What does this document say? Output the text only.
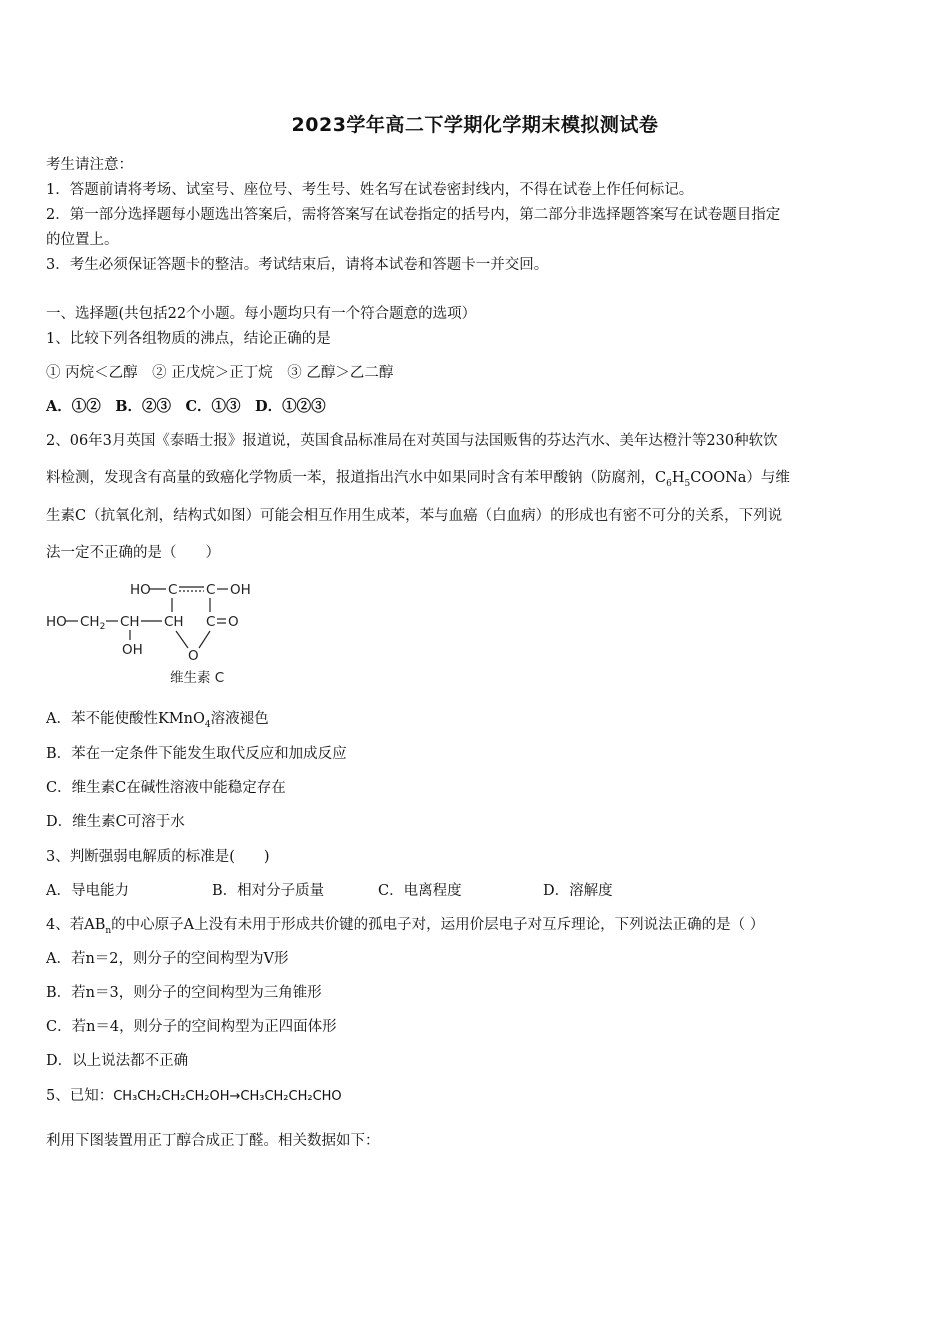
2023学年高二下学期化学期末模拟测试卷
考生请注意：
1．答题前请将考场、试室号、座位号、考生号、姓名写在试卷密封线内，不得在试卷上作任何标记。
2．第一部分选择题每小题选出答案后，需将答案写在试卷指定的括号内，第二部分非选择题答案写在试卷题目指定
的位置上。
3．考生必须保证答题卡的整洁。考试结束后，请将本试卷和答题卡一并交回。
一、选择题(共包括22个小题。每小题均只有一个符合题意的选项）
1、比较下列各组物质的沸点，结论正确的是
① 丙烷＜乙醇　② 正戊烷＞正丁烷　③ 乙醇＞乙二醇
A．①②　B．②③　C．①③　D．①②③
2、06年3月英国《泰晤士报》报道说，英国食品标准局在对英国与法国贩售的芬达汽水、美年达橙汁等230种软饮
料检测，发现含有高量的致癌化学物质一苯，报道指出汽水中如果同时含有苯甲酸钠（防腐剂，$C_6H_5COONa$）与维
生素C（抗氧化剂，结构式如图）可能会相互作用生成苯，苯与血癌（白血病）的形成也有密不可分的关系，下列说
法一定不正确的是（　　）
HO C C OH
HO $CH_2$ CH CH C O
OH	O
维生素 C
A．苯不能使酸性KMnO$_4$溶液褪色
B．苯在一定条件下能发生取代反应和加成反应
C．维生素C在碱性溶液中能稳定存在
D．维生素C可溶于水
3、判断强弱电解质的标准是(　　)
A．导电能力	B．相对分子质量	C．电离程度	D．溶解度
4、若$AB_n$的中心原子A上没有未用于形成共价键的孤电子对，运用价层电子对互斥理论，下列说法正确的是（ ）
A．若n＝2，则分子的空间构型为V形
B．若n＝3，则分子的空间构型为三角锥形
C．若n＝4，则分子的空间构型为正四面体形
D．以上说法都不正确
5、已知：CH₃CH₂CH₂CH₂OH→CH₃CH₂CH₂CHO
利用下图装置用正丁醇合成正丁醛。相关数据如下：
